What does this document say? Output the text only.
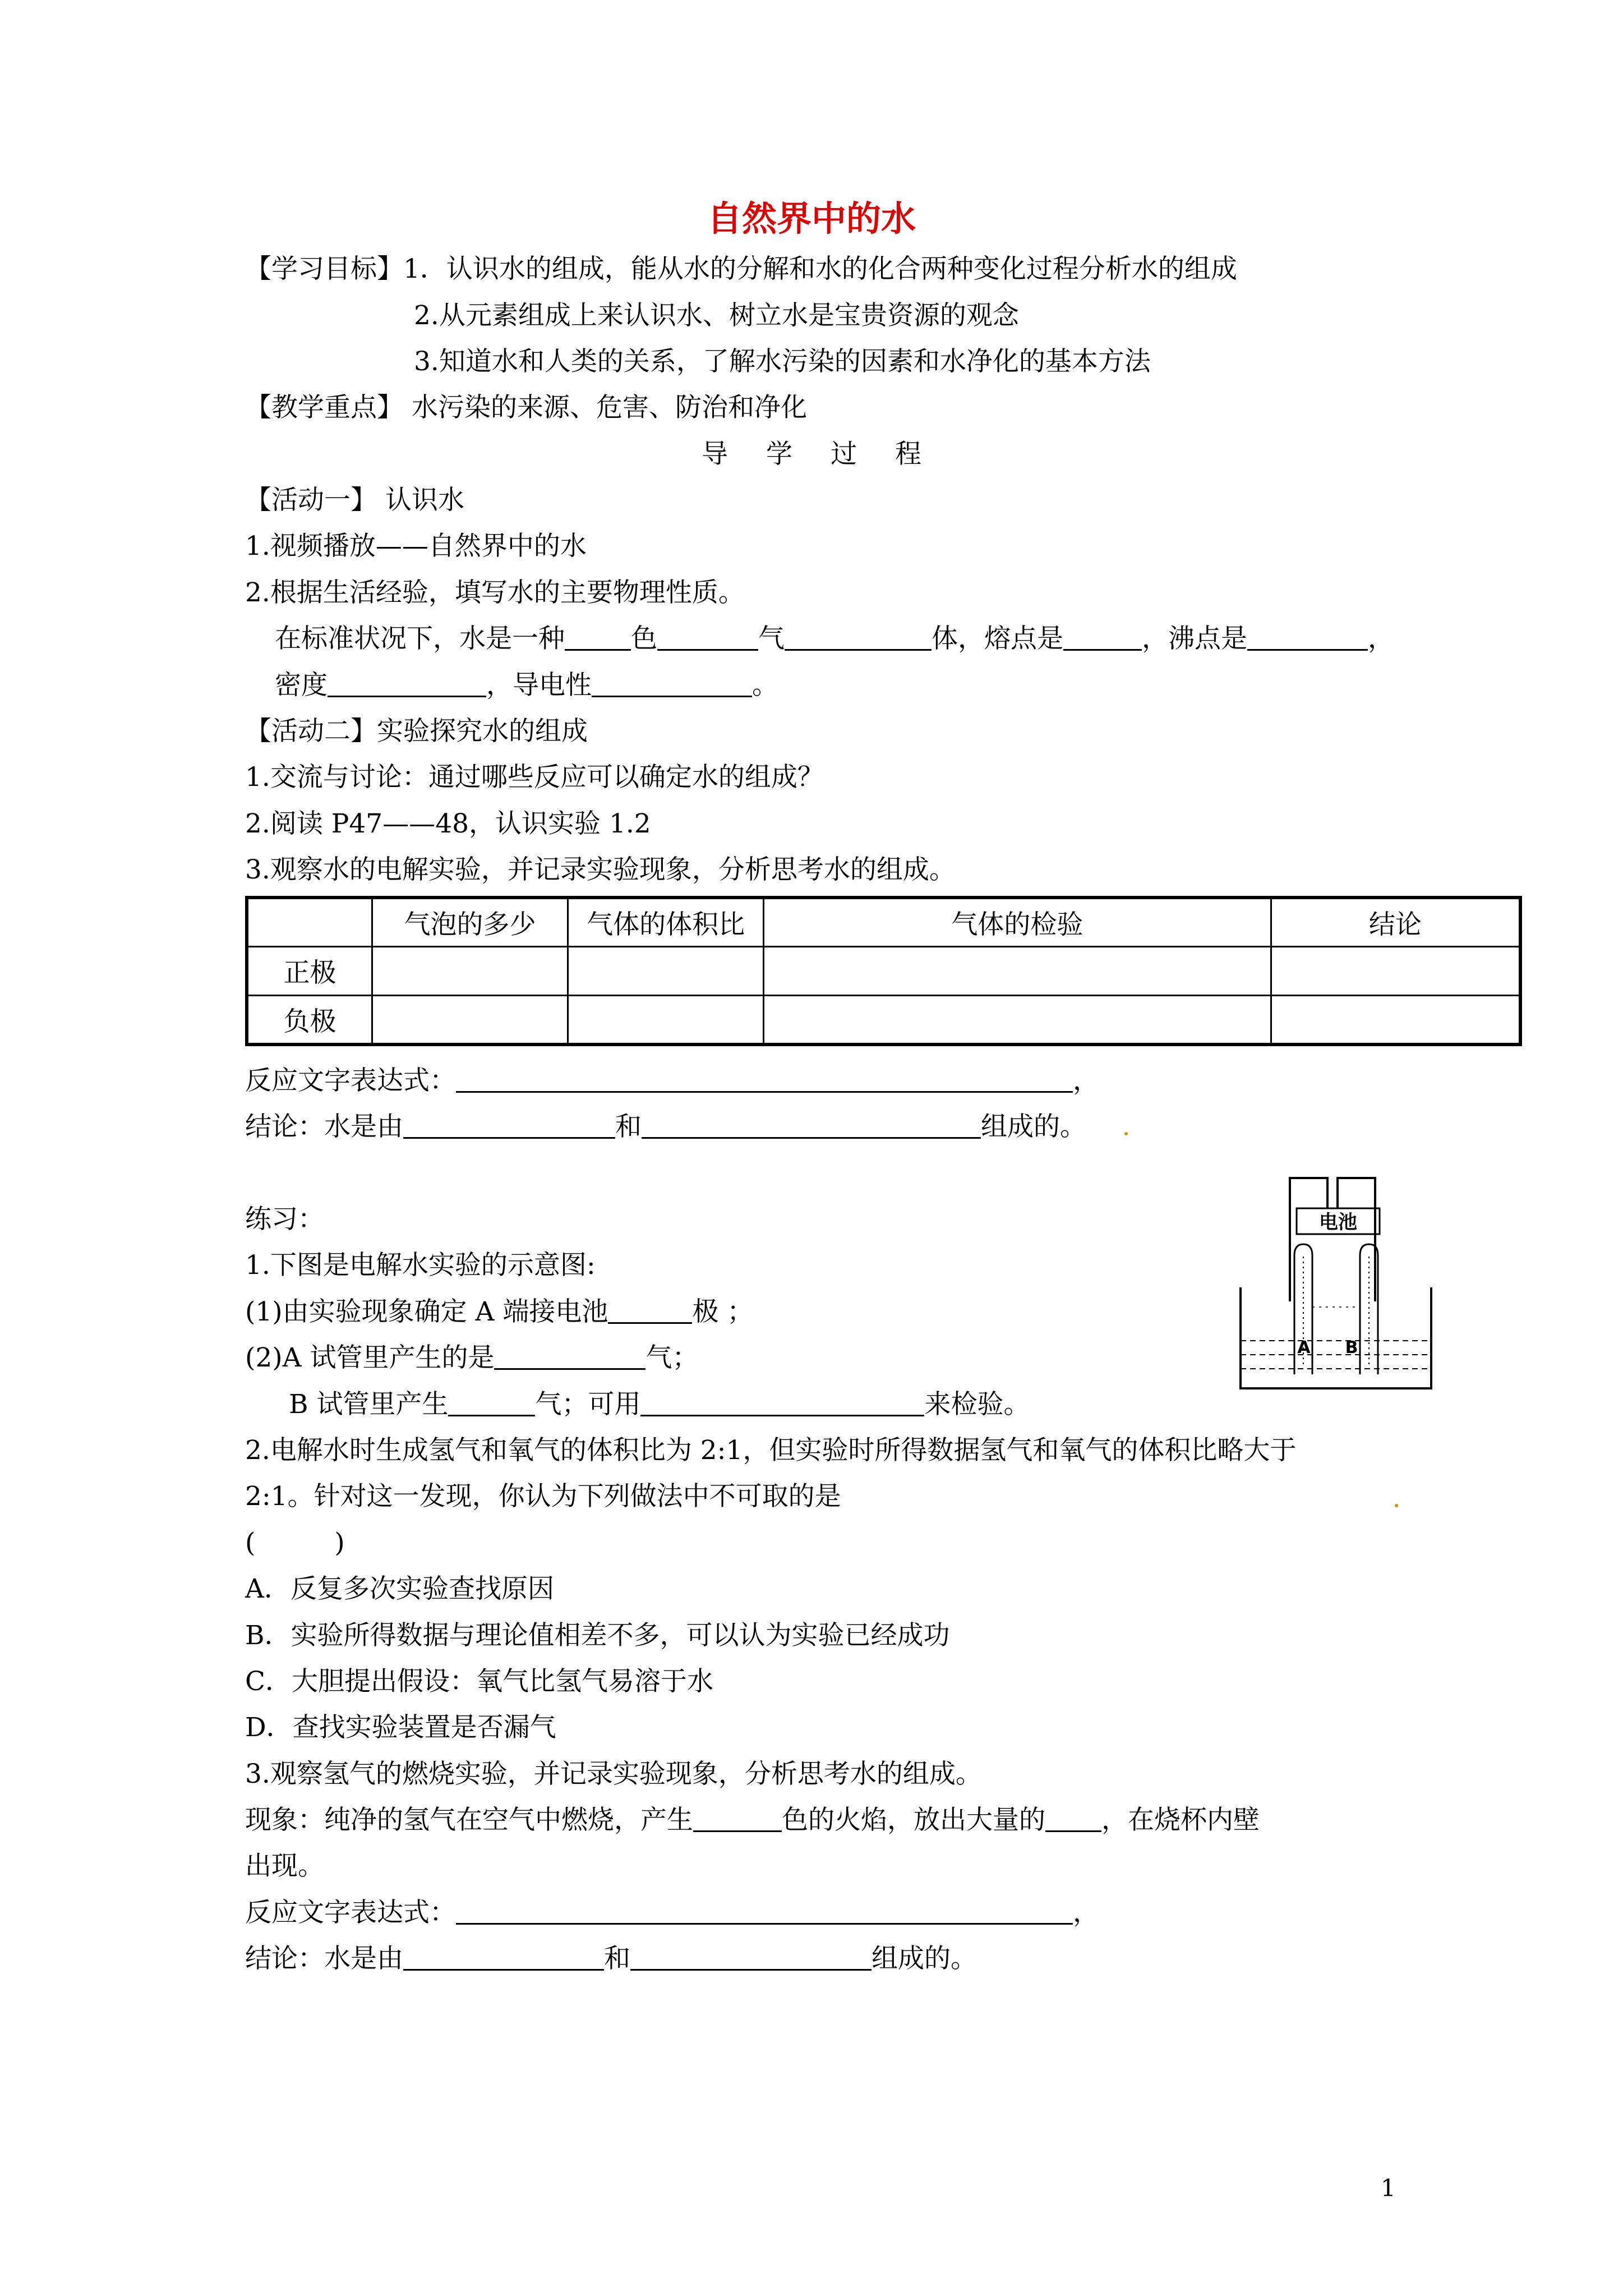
自然界中的水
【学习目标】1．认识水的组成，能从水的分解和水的化合两种变化过程分析水的组成
2.从元素组成上来认识水、树立水是宝贵资源的观念
3.知道水和人类的关系，了解水污染的因素和水净化的基本方法
【教学重点】 水污染的来源、危害、防治和净化
导 学 过 程
【活动一】 认识水
1.视频播放——自然界中的水
2.根据生活经验，填写水的主要物理性质。
在标准状况下，水是一种	色	气	体，熔点是	，沸点是	，
密度	，导电性	。
【活动二】实验探究水的组成
1.交流与讨论：通过哪些反应可以确定水的组成？
2.阅读 P47——48，认识实验 1.2
3.观察水的电解实验，并记录实验现象，分析思考水的组成。
	气泡的多少	气体的体积比	气体的检验	结论
正极				
负极				
反应文字表达式：	，
结论：水是由	和	组成的。
练习：
1.下图是电解水实验的示意图:
(1)由实验现象确定 A 端接电池	极 ；
(2)A 试管里产生的是	气；
B 试管里产生	气；可用	来检验。
电池
A B
2.电解水时生成氢气和氧气的体积比为 2:1，但实验时所得数据氢气和氧气的体积比略大于
2:1。针对这一发现，你认为下列做法中不可取的是
(　　　)
A．反复多次实验查找原因
B．实验所得数据与理论值相差不多，可以认为实验已经成功
C．大胆提出假设：氧气比氢气易溶于水
D．查找实验装置是否漏气
3.观察氢气的燃烧实验，并记录实验现象，分析思考水的组成。
现象：纯净的氢气在空气中燃烧，产生	色的火焰，放出大量的 ，在烧杯内壁
出现。
反应文字表达式：	，
结论：水是由	和	组成的。
1
